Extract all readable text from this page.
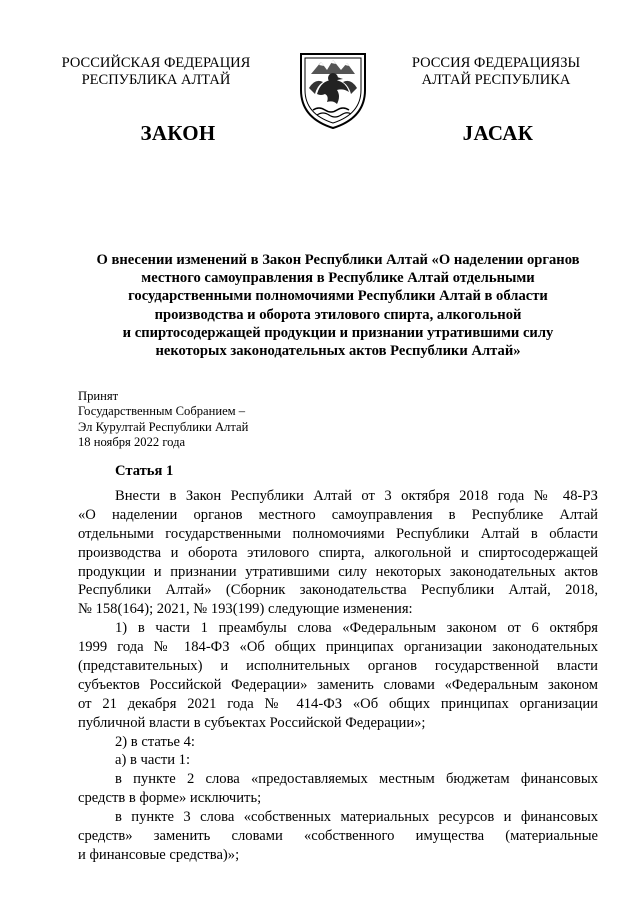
РОССИЙСКАЯ ФЕДЕРАЦИЯ
РЕСПУБЛИКА АЛТАЙ
РОССИЯ ФЕДЕРАЦИЯЗЫ
АЛТАЙ РЕСПУБЛИКА
ЗАКОН	ЈАСАК
О внесении изменений в Закон Республики Алтай «О наделении органов
местного самоуправления в Республике Алтай отдельными
государственными полномочиями Республики Алтай в области
производства и оборота этилового спирта, алкогольной
и спиртосодержащей продукции и признании утратившими силу
некоторых законодательных актов Республики Алтай»
Принят
Государственным Собранием –
Эл Курултай Республики Алтай
18 ноября 2022 года
Статья 1
Внести в Закон Республики Алтай от 3 октября 2018 года № 48-РЗ
«О наделении органов местного самоуправления в Республике Алтай
отдельными государственными полномочиями Республики Алтай в области
производства и оборота этилового спирта, алкогольной и спиртосодержащей
продукции и признании утратившими силу некоторых законодательных актов
Республики Алтай» (Сборник законодательства Республики Алтай, 2018,
№ 158(164); 2021, № 193(199) следующие изменения:
1) в части 1 преамбулы слова «Федеральным законом от 6 октября
1999 года № 184-ФЗ «Об общих принципах организации законодательных
(представительных) и исполнительных органов государственной власти
субъектов Российской Федерации» заменить словами «Федеральным законом
от 21 декабря 2021 года № 414-ФЗ «Об общих принципах организации
публичной власти в субъектах Российской Федерации»;
2) в статье 4:
а) в части 1:
в пункте 2 слова «предоставляемых местным бюджетам финансовых
средств в форме» исключить;
в пункте 3 слова «собственных материальных ресурсов и финансовых
средств» заменить словами «собственного имущества (материальные
и финансовые средства)»;
